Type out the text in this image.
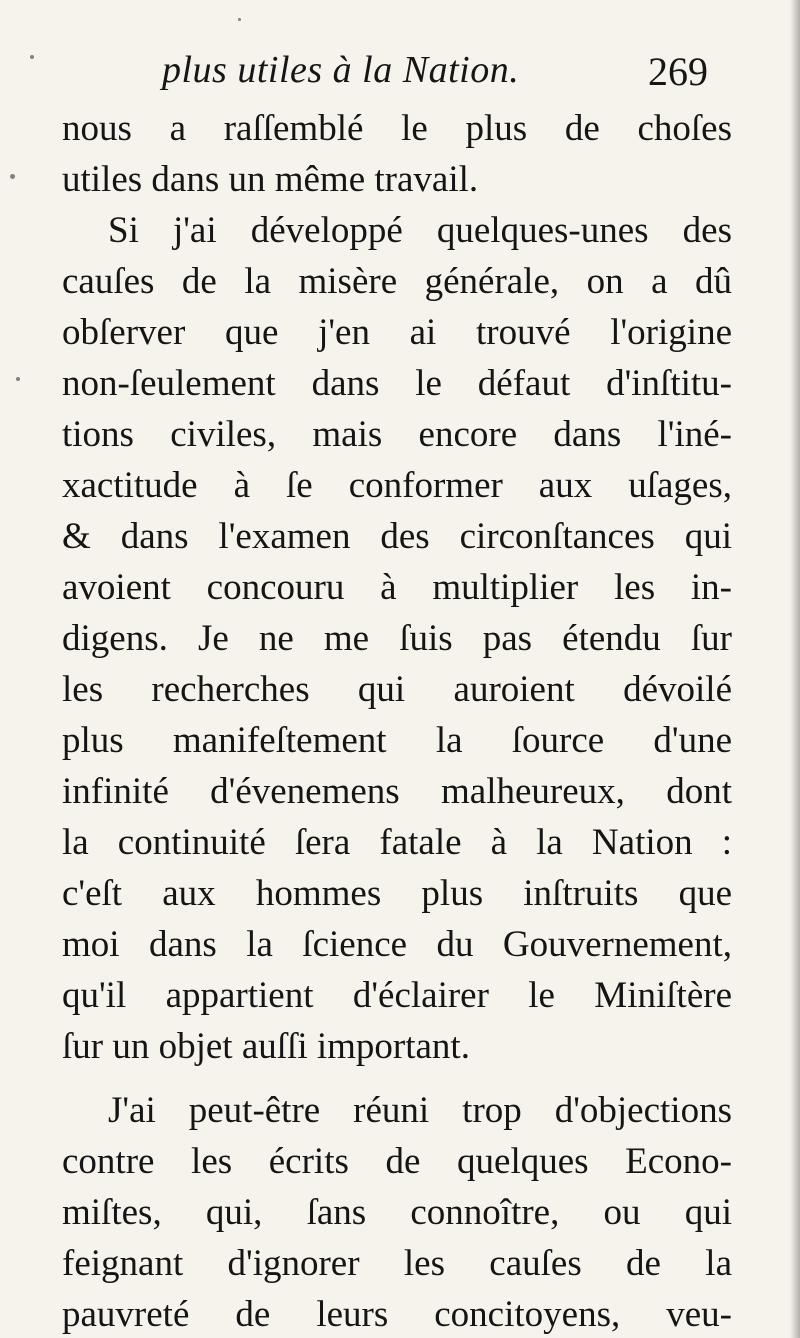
plus utiles à la Nation.	269
nous a raſſemblé le plus de choſes
utiles dans un même travail.
Si j'ai développé quelques-unes des
cauſes de la misère générale, on a dû
obſerver que j'en ai trouvé l'origine
non-ſeulement dans le défaut d'inſtitu-
tions civiles, mais encore dans l'iné-
xactitude à ſe conformer aux uſages,
& dans l'examen des circonſtances qui
avoient concouru à multiplier les in-
digens. Je ne me ſuis pas étendu ſur
les recherches qui auroient dévoilé
plus manifeſtement la ſource d'une
infinité d'évenemens malheureux, dont
la continuité ſera fatale à la Nation :
c'eſt aux hommes plus inſtruits que
moi dans la ſcience du Gouvernement,
qu'il appartient d'éclairer le Miniſtère
ſur un objet auſſi important.
J'ai peut-être réuni trop d'objections
contre les écrits de quelques Econo-
miſtes, qui, ſans connoître, ou qui
feignant d'ignorer les cauſes de la
pauvreté de leurs concitoyens, veu-
